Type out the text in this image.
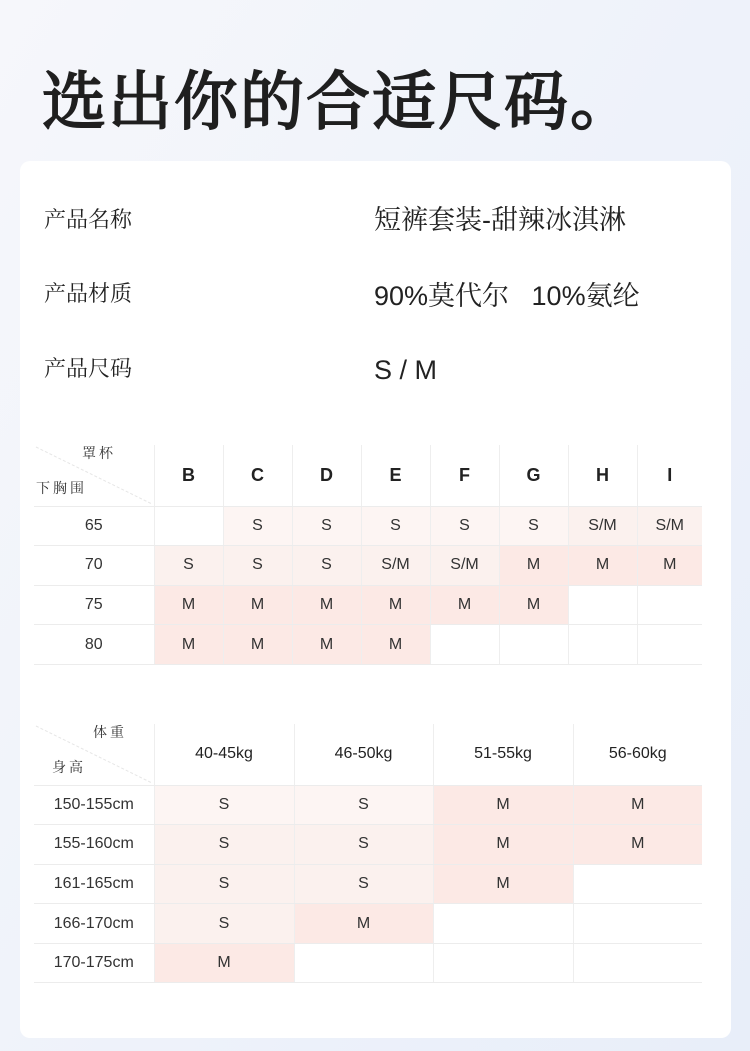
选出你的合适尺码。
产品名称	短裤套装-甜辣冰淇淋
产品材质	90%莫代尔   10%氨纶
产品尺码	S / M
罩杯
下胸围	B	C	D	E	F	G	H	I
65		S	S	S	S	S	S/M	S/M
70	S	S	S	S/M	S/M	M	M	M
75	M	M	M	M	M	M		
80	M	M	M	M				
体重
身高	40-45kg	46-50kg	51-55kg	56-60kg
150-155cm	S	S	M	M
155-160cm	S	S	M	M
161-165cm	S	S	M	
166-170cm	S	M		
170-175cm	M			
